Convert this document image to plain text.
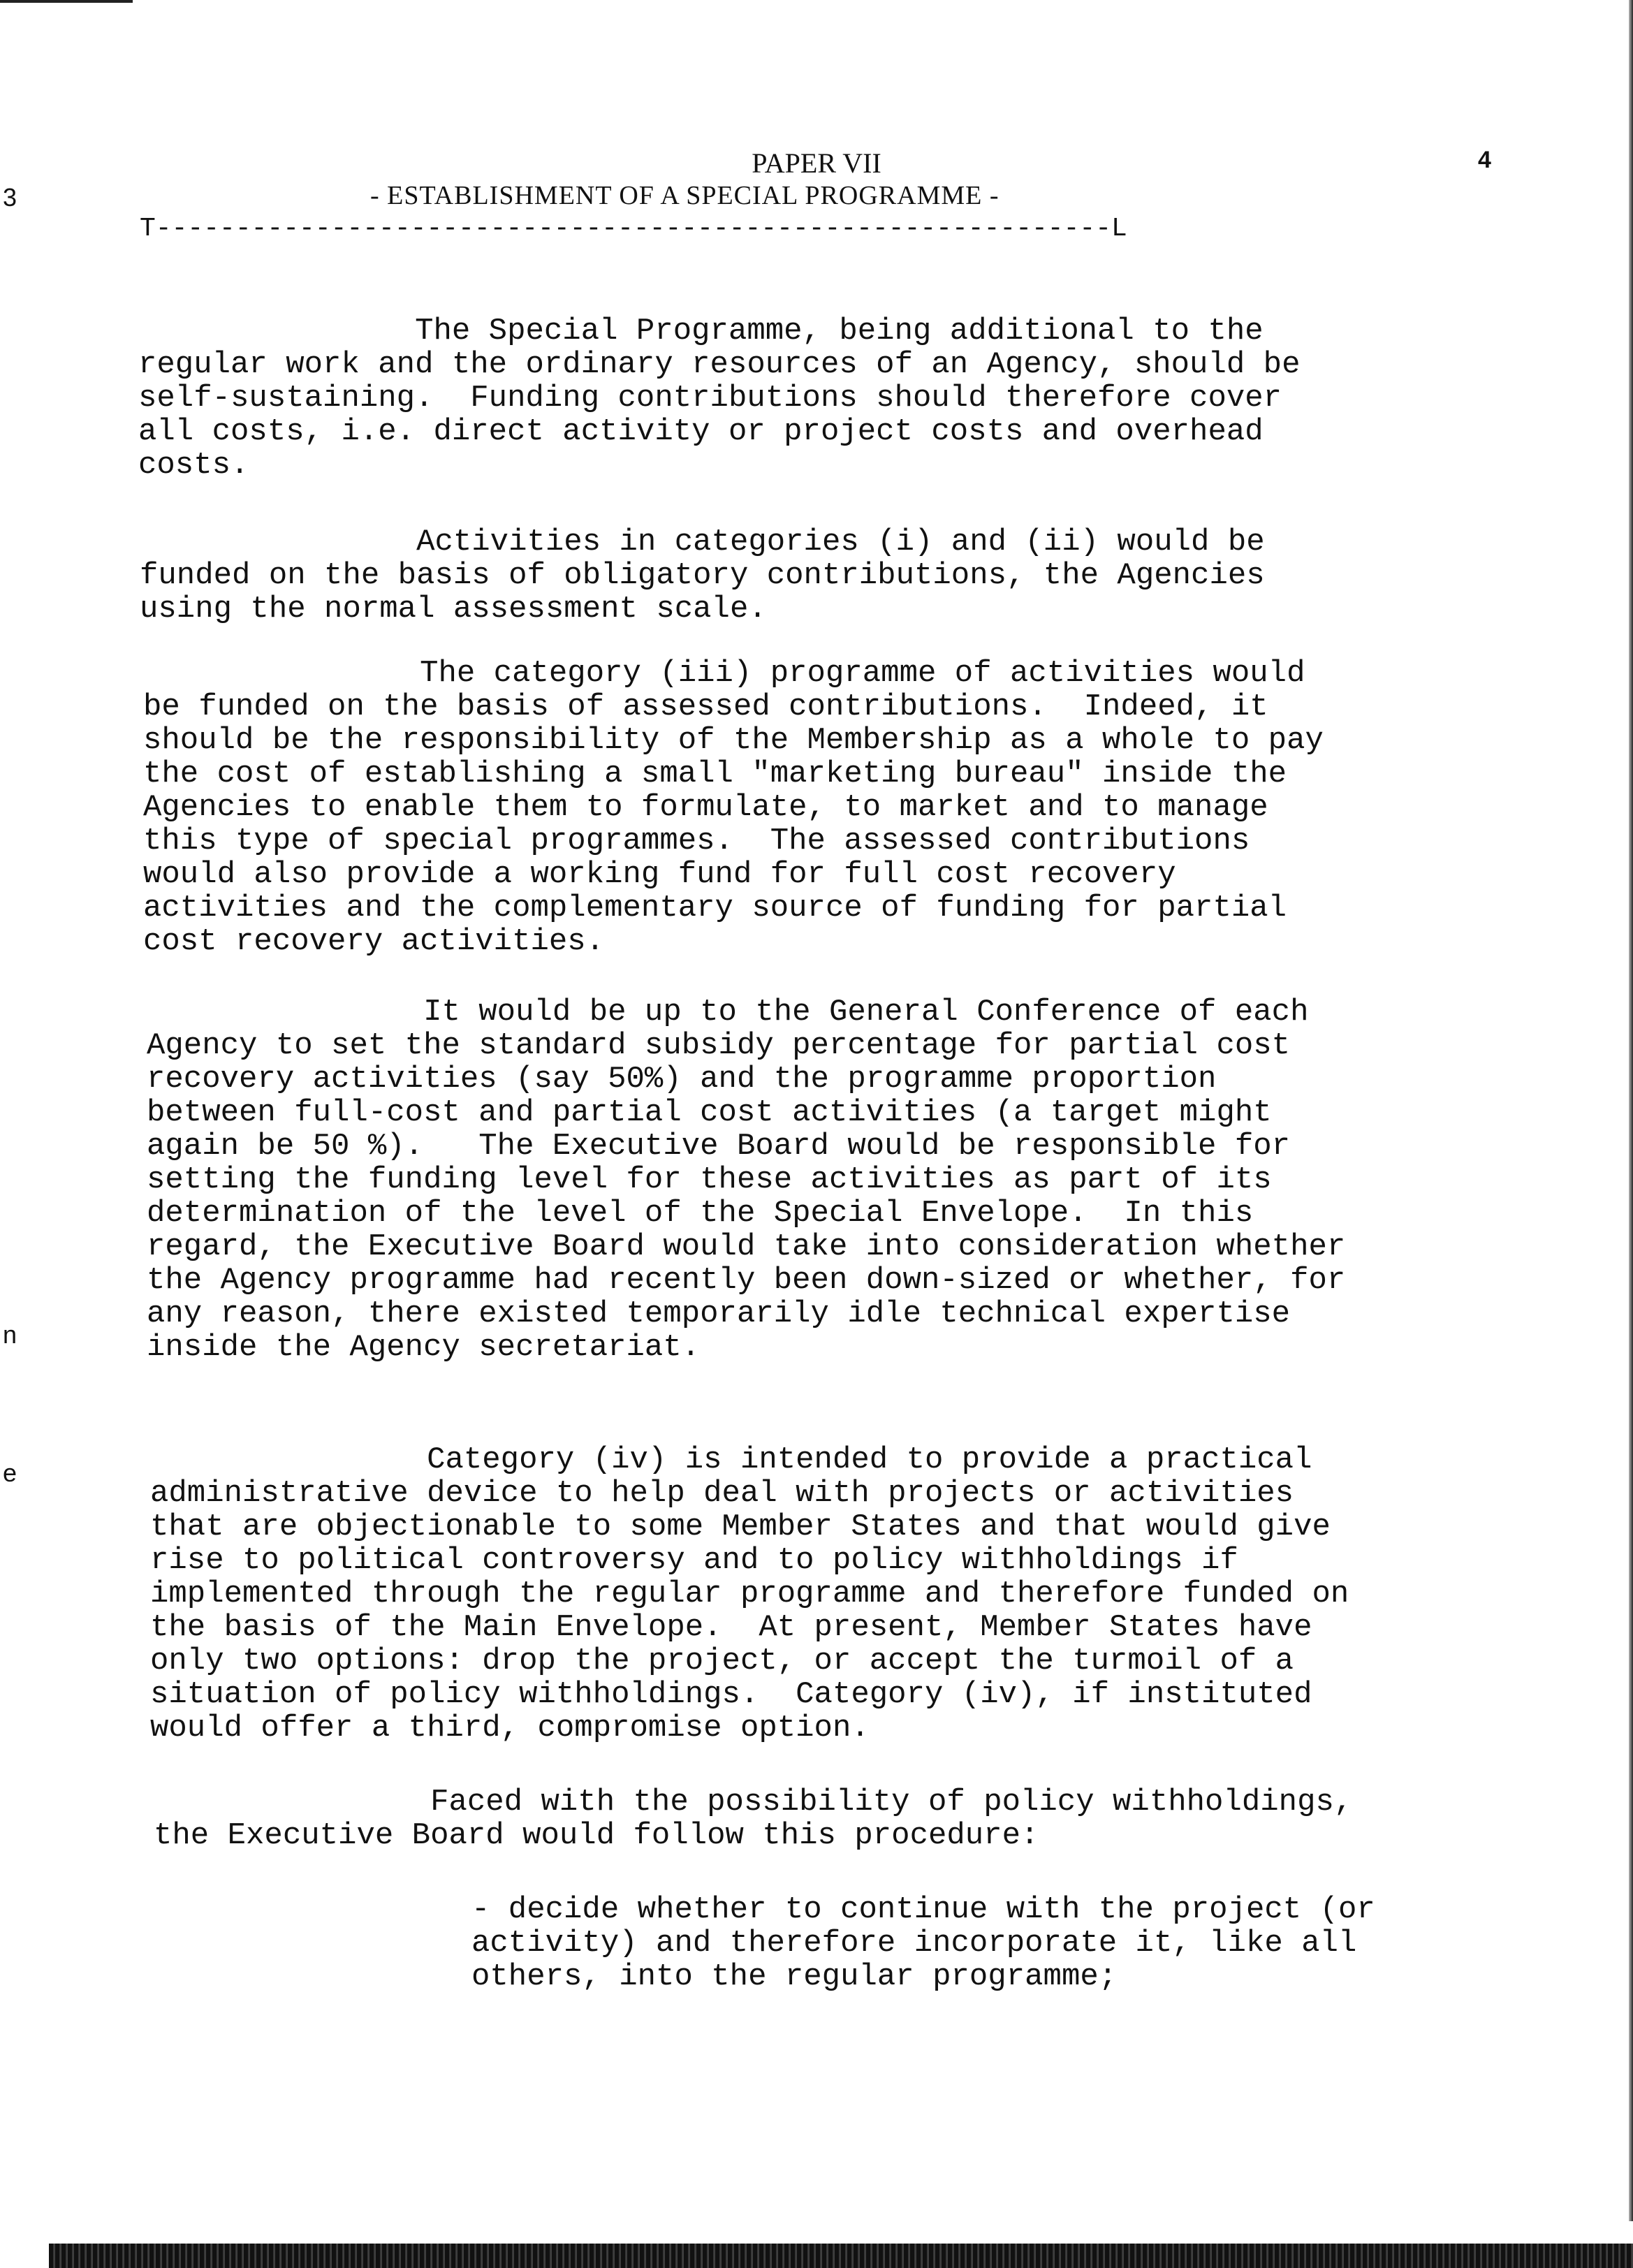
3
n
e
4
PAPER VII
- ESTABLISHMENT OF A SPECIAL PROGRAMME -
T------------------------------------------------------------L

The Special Programme, being additional to the
regular work and the ordinary resources of an Agency, should be
self-sustaining.  Funding contributions should therefore cover
all costs, i.e. direct activity or project costs and overhead
costs.

Activities in categories (i) and (ii) would be
funded on the basis of obligatory contributions, the Agencies
using the normal assessment scale.

The category (iii) programme of activities would
be funded on the basis of assessed contributions.  Indeed, it
should be the responsibility of the Membership as a whole to pay
the cost of establishing a small "marketing bureau" inside the
Agencies to enable them to formulate, to market and to manage
this type of special programmes.  The assessed contributions
would also provide a working fund for full cost recovery
activities and the complementary source of funding for partial
cost recovery activities.

It would be up to the General Conference of each
Agency to set the standard subsidy percentage for partial cost
recovery activities (say 50%) and the programme proportion
between full-cost and partial cost activities (a target might
again be 50 %).   The Executive Board would be responsible for
setting the funding level for these activities as part of its
determination of the level of the Special Envelope.  In this
regard, the Executive Board would take into consideration whether
the Agency programme had recently been down-sized or whether, for
any reason, there existed temporarily idle technical expertise
inside the Agency secretariat.

Category (iv) is intended to provide a practical
administrative device to help deal with projects or activities
that are objectionable to some Member States and that would give
rise to political controversy and to policy withholdings if
implemented through the regular programme and therefore funded on
the basis of the Main Envelope.  At present, Member States have
only two options: drop the project, or accept the turmoil of a
situation of policy withholdings.  Category (iv), if instituted
would offer a third, compromise option.

Faced with the possibility of policy withholdings,
the Executive Board would follow this procedure:

- decide whether to continue with the project (or
activity) and therefore incorporate it, like all
others, into the regular programme;
